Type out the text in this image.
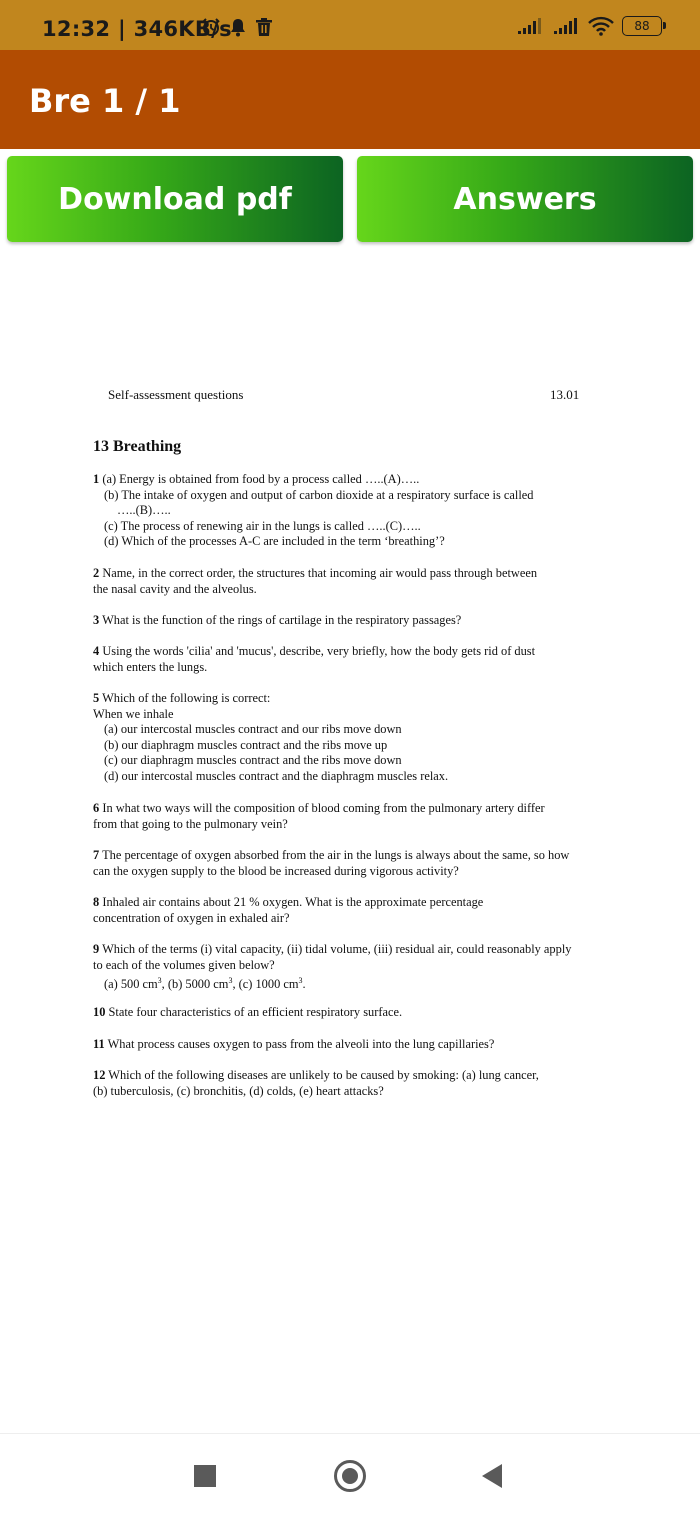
12:32 | 346KB/s	88
Bre 1 / 1
Download pdf	Answers
Self-assessment questions	13.01
13 Breathing
1 (a) Energy is obtained from food by a process called …..(A)…..
(b) The intake of oxygen and output of carbon dioxide at a respiratory surface is called
…..(B)…..
(c) The process of renewing air in the lungs is called …..(C)…..
(d) Which of the processes A-C are included in the term ‘breathing’?
2 Name, in the correct order, the structures that incoming air would pass through between
the nasal cavity and the alveolus.
3 What is the function of the rings of cartilage in the respiratory passages?
4 Using the words 'cilia' and 'mucus', describe, very briefly, how the body gets rid of dust
which enters the lungs.
5 Which of the following is correct:
When we inhale
(a) our intercostal muscles contract and our ribs move down
(b) our diaphragm muscles contract and the ribs move up
(c) our diaphragm muscles contract and the ribs move down
(d) our intercostal muscles contract and the diaphragm muscles relax.
6 In what two ways will the composition of blood coming from the pulmonary artery differ
from that going to the pulmonary vein?
7 The percentage of oxygen absorbed from the air in the lungs is always about the same, so how
can the oxygen supply to the blood be increased during vigorous activity?
8 Inhaled air contains about 21 % oxygen. What is the approximate percentage
concentration of oxygen in exhaled air?
9 Which of the terms (i) vital capacity, (ii) tidal volume, (iii) residual air, could reasonably apply
to each of the volumes given below?
(a) 500 $cm^3$, (b) 5000 $cm^3$, (c) 1000 $cm^3$.
10 State four characteristics of an efficient respiratory surface.
11 What process causes oxygen to pass from the alveoli into the lung capillaries?
12 Which of the following diseases are unlikely to be caused by smoking: (a) lung cancer,
(b) tuberculosis, (c) bronchitis, (d) colds, (e) heart attacks?
